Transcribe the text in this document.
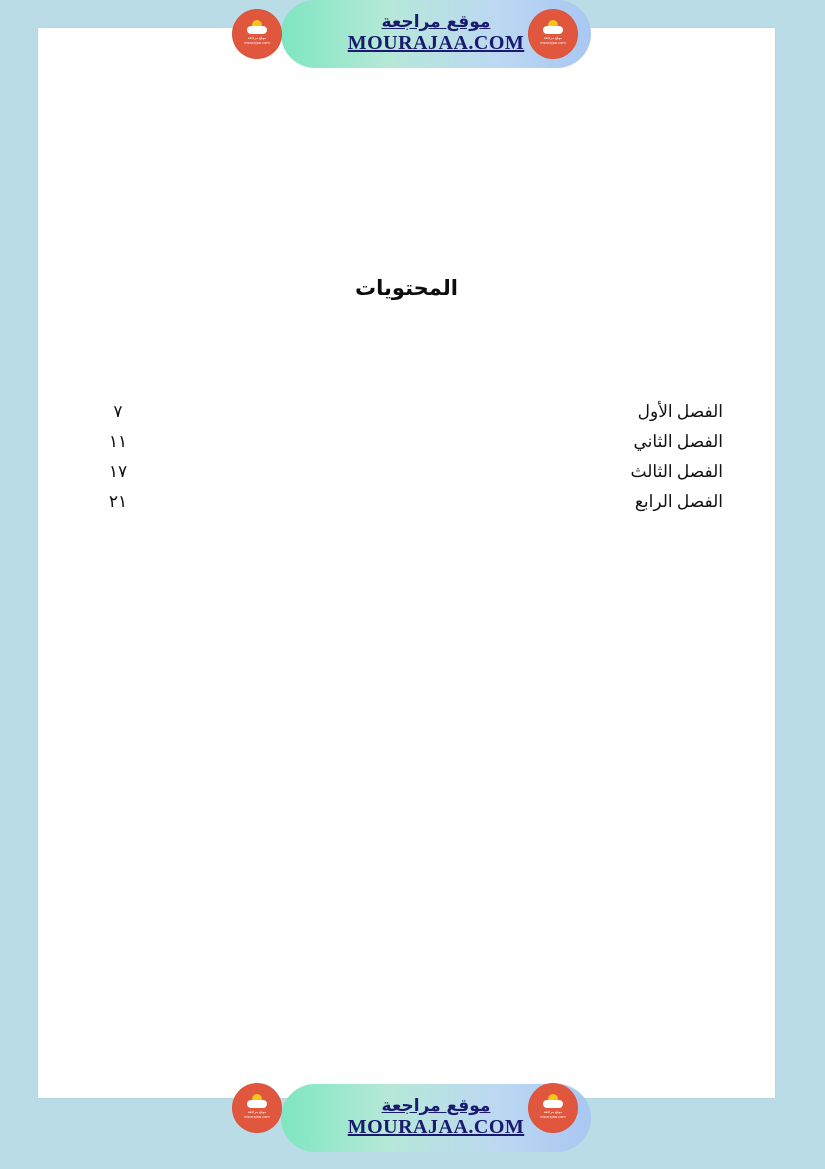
المحتويات
الفصل الأول
٧
الفصل الثاني
١١
الفصل الثالث
١٧
الفصل الرابع
٢١
موقع مراجعة
MOURAJAA.COM
موقع مراجعة
mourajaa.com
موقع مراجعة
mourajaa.com
موقع مراجعة
MOURAJAA.COM
موقع مراجعة
mourajaa.com
موقع مراجعة
mourajaa.com
